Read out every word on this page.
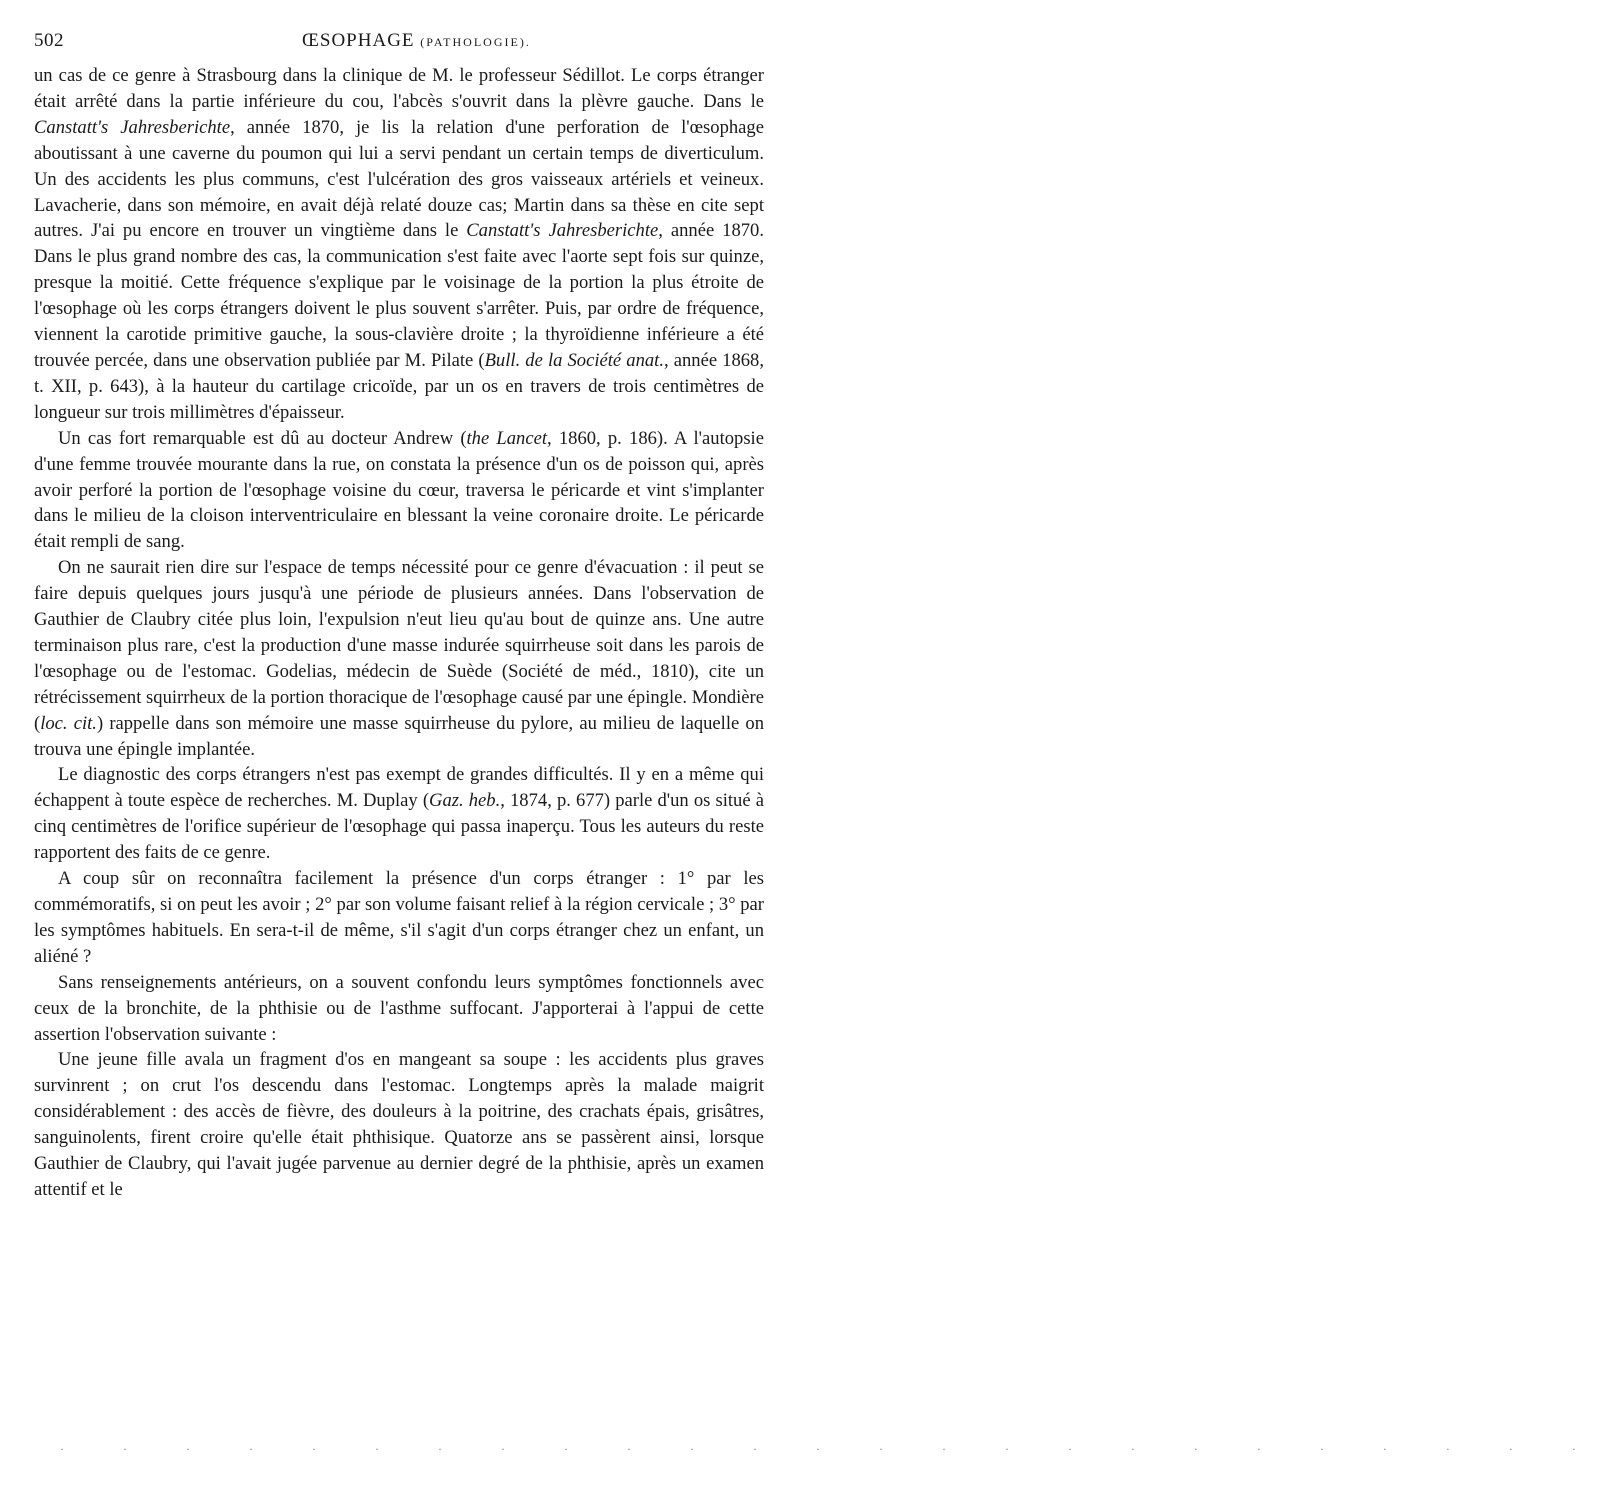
502	ŒSOPHAGE (PATHOLOGIE).

un cas de ce genre à Strasbourg dans la clinique de M. le professeur Sédillot. Le corps étranger était arrêté dans la partie inférieure du cou, l'abcès s'ouvrit dans la plèvre gauche. Dans le Canstatt's Jahresberichte, année 1870, je lis la relation d'une perforation de l'œsophage aboutissant à une caverne du poumon qui lui a servi pendant un certain temps de diverticulum. Un des accidents les plus communs, c'est l'ulcération des gros vaisseaux artériels et veineux. Lavacherie, dans son mémoire, en avait déjà relaté douze cas; Martin dans sa thèse en cite sept autres. J'ai pu encore en trouver un vingtième dans le Canstatt's Jahresberichte, année 1870. Dans le plus grand nombre des cas, la communication s'est faite avec l'aorte sept fois sur quinze, presque la moitié. Cette fréquence s'explique par le voisinage de la portion la plus étroite de l'œsophage où les corps étrangers doivent le plus souvent s'arrêter. Puis, par ordre de fréquence, viennent la carotide primitive gauche, la sous-clavière droite ; la thyroïdienne inférieure a été trouvée percée, dans une observation publiée par M. Pilate (Bull. de la Société anat., année 1868, t. XII, p. 643), à la hauteur du cartilage cricoïde, par un os en travers de trois centimètres de longueur sur trois millimètres d'épaisseur.

Un cas fort remarquable est dû au docteur Andrew (the Lancet, 1860, p. 186). A l'autopsie d'une femme trouvée mourante dans la rue, on constata la présence d'un os de poisson qui, après avoir perforé la portion de l'œsophage voisine du cœur, traversa le péricarde et vint s'implanter dans le milieu de la cloison interventriculaire en blessant la veine coronaire droite. Le péricarde était rempli de sang.

On ne saurait rien dire sur l'espace de temps nécessité pour ce genre d'évacuation : il peut se faire depuis quelques jours jusqu'à une période de plusieurs années. Dans l'observation de Gauthier de Claubry citée plus loin, l'expulsion n'eut lieu qu'au bout de quinze ans. Une autre terminaison plus rare, c'est la production d'une masse indurée squirrheuse soit dans les parois de l'œsophage ou de l'estomac. Godelias, médecin de Suède (Société de méd., 1810), cite un rétrécissement squirrheux de la portion thoracique de l'œsophage causé par une épingle. Mondière (loc. cit.) rappelle dans son mémoire une masse squirrheuse du pylore, au milieu de laquelle on trouva une épingle implantée.

Le diagnostic des corps étrangers n'est pas exempt de grandes difficultés. Il y en a même qui échappent à toute espèce de recherches. M. Duplay (Gaz. heb., 1874, p. 677) parle d'un os situé à cinq centimètres de l'orifice supérieur de l'œsophage qui passa inaperçu. Tous les auteurs du reste rapportent des faits de ce genre.

A coup sûr on reconnaîtra facilement la présence d'un corps étranger : 1° par les commémoratifs, si on peut les avoir ; 2° par son volume faisant relief à la région cervicale ; 3° par les symptômes habituels. En sera-t-il de même, s'il s'agit d'un corps étranger chez un enfant, un aliéné ?

Sans renseignements antérieurs, on a souvent confondu leurs symptômes fonctionnels avec ceux de la bronchite, de la phthisie ou de l'asthme suffocant. J'apporterai à l'appui de cette assertion l'observation suivante :

Une jeune fille avala un fragment d'os en mangeant sa soupe : les accidents plus graves survinrent ; on crut l'os descendu dans l'estomac. Longtemps après la malade maigrit considérablement : des accès de fièvre, des douleurs à la poitrine, des crachats épais, grisâtres, sanguinolents, firent croire qu'elle était phthisique. Quatorze ans se passèrent ainsi, lorsque Gauthier de Claubry, qui l'avait jugée parvenue au dernier degré de la phthisie, après un examen attentif et le

· · · · · · · · · · · · · · · · · · · · · · · · ·
